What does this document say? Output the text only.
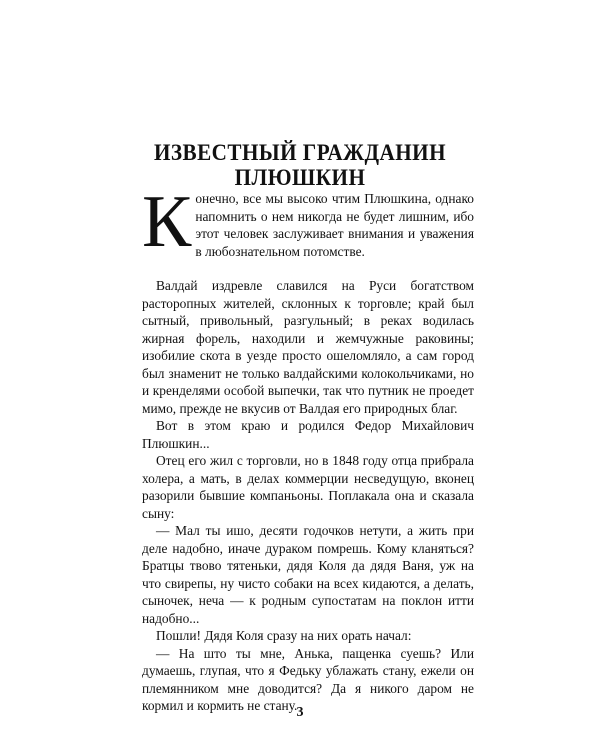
ИЗВЕСТНЫЙ ГРАЖДАНИН
ПЛЮШКИН

Конечно, все мы высоко чтим Плюшкина, однако напомнить о нем никогда не будет лишним, ибо этот человек заслуживает внимания и уважения в любознательном потомстве.

Валдай издревле славился на Руси богатством расторопных жителей, склонных к торговле; край был сытный, привольный, разгульный; в реках водилась жирная форель, находили и жемчужные раковины; изобилие скота в уезде просто ошеломляло, а сам город был знаменит не только валдайскими колокольчиками, но и кренделями особой выпечки, так что путник не проедет мимо, прежде не вкусив от Валдая его природных благ.

Вот в этом краю и родился Федор Михайлович Плюшкин...

Отец его жил с торговли, но в 1848 году отца прибрала холера, а мать, в делах коммерции несведущую, вконец разорили бывшие компаньоны. Поплакала она и сказала сыну:

— Мал ты ишо, десяти годочков нетути, а жить при деле надобно, иначе дураком помрешь. Кому кланяться? Братцы твово тятеньки, дядя Коля да дядя Ваня, уж на что свирепы, ну чисто собаки на всех кидаются, а делать, сыночек, неча — к родным супостатам на поклон итти надобно...

Пошли! Дядя Коля сразу на них орать начал:

— На што ты мне, Анька, пащенка суешь? Или думаешь, глупая, что я Федьку ублажать стану, ежели он племянником мне доводится? Да я никого даром не кормил и кормить не стану. 3
